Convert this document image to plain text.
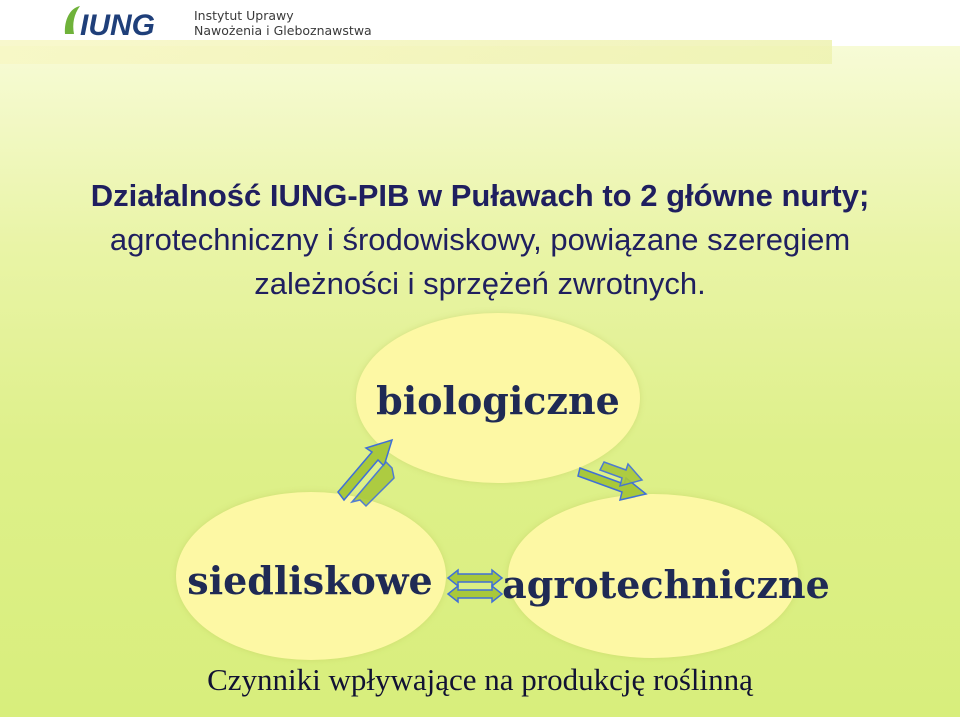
IUNG	Instytut Uprawy
Nawożenia i Gleboznawstwa
Działalność IUNG-PIB w Puławach to 2 główne nurty;
agrotechniczny i środowiskowy, powiązane szeregiem
zależności i sprzężeń zwrotnych.
biologiczne
siedliskowe	agrotechniczne
Czynniki wpływające na produkcję roślinną
